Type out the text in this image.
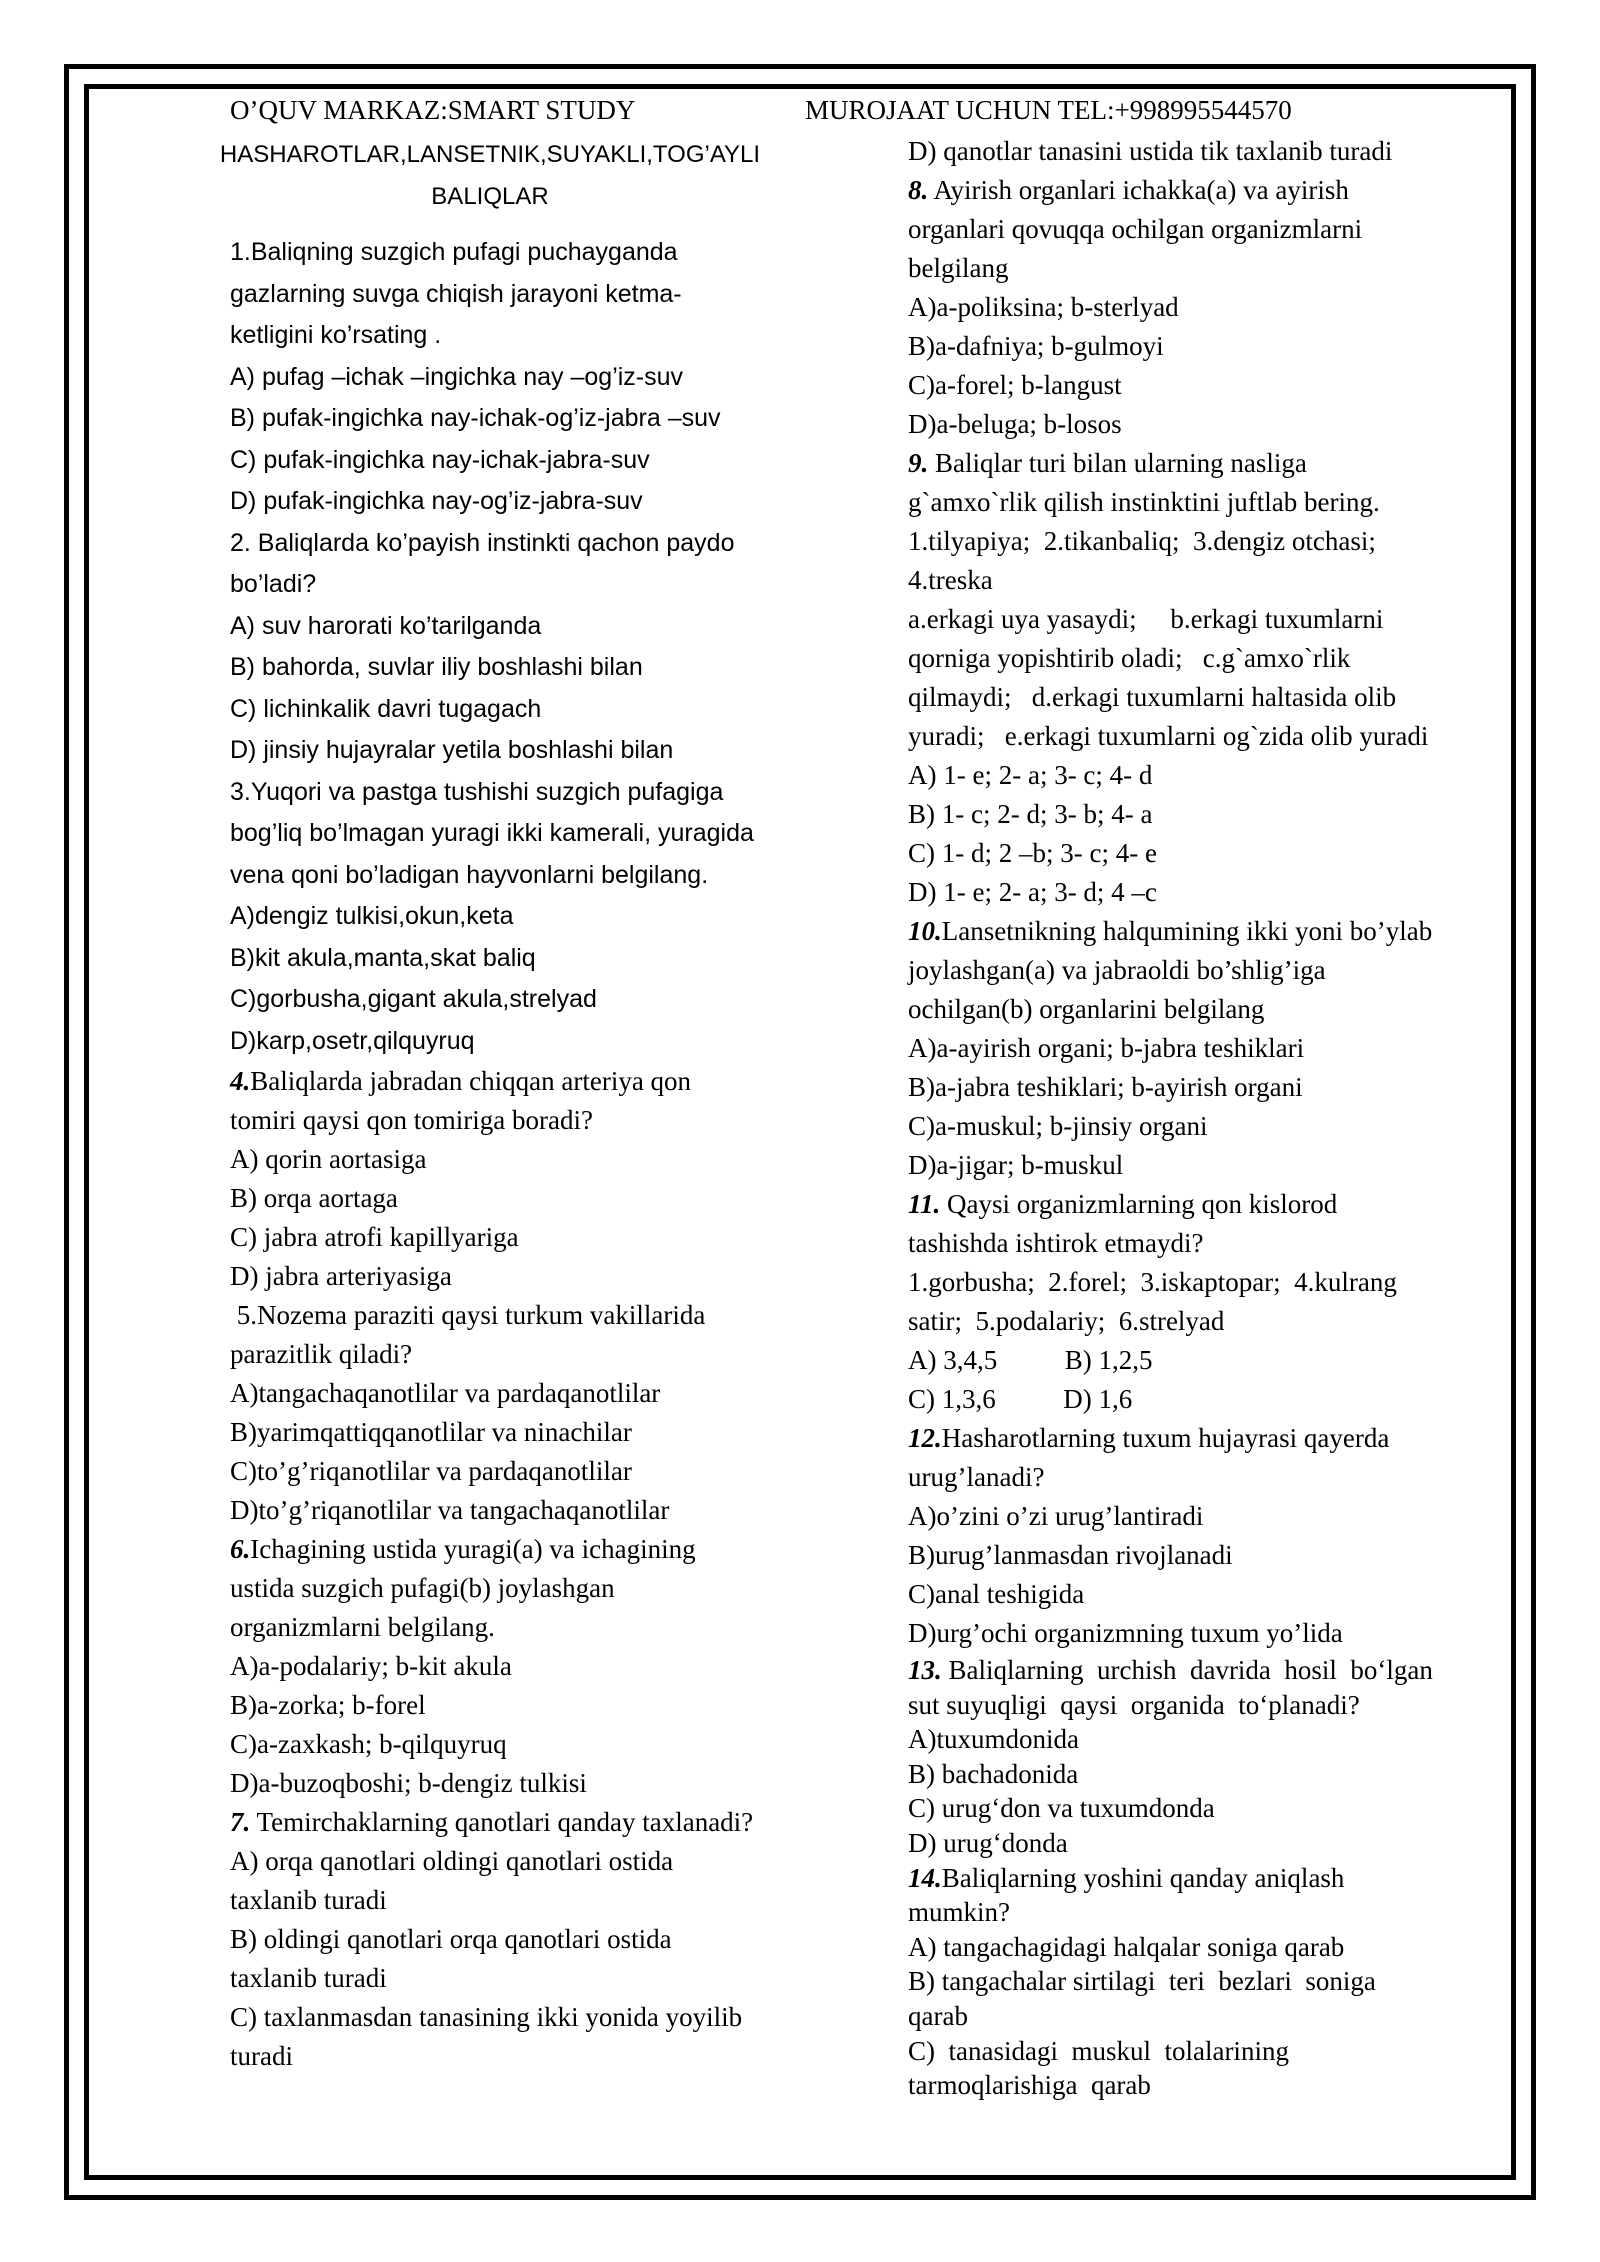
O’QUV MARKAZ:SMART STUDY	MUROJAAT UCHUN TEL:+998995544570
HASHAROTLAR,LANSETNIK,SUYAKLI,TOG’AYLI
BALIQLAR
1.Baliqning suzgich pufagi puchayganda
gazlarning suvga chiqish jarayoni ketma-
ketligini ko’rsating .
A) pufag –ichak –ingichka nay –og’iz-suv
B) pufak-ingichka nay-ichak-og’iz-jabra –suv
C) pufak-ingichka nay-ichak-jabra-suv
D) pufak-ingichka nay-og’iz-jabra-suv
2. Baliqlarda ko’payish instinkti qachon paydo
bo’ladi?
A) suv harorati ko’tarilganda
B) bahorda, suvlar iliy boshlashi bilan
C) lichinkalik davri tugagach
D) jinsiy hujayralar yetila boshlashi bilan
3.Yuqori va pastga tushishi suzgich pufagiga
bog’liq bo’lmagan yuragi ikki kamerali, yuragida
vena qoni bo’ladigan hayvonlarni belgilang.
A)dengiz tulkisi,okun,keta
B)kit akula,manta,skat baliq
C)gorbusha,gigant akula,strelyad
D)karp,osetr,qilquyruq
4.Baliqlarda jabradan chiqqan arteriya qon
tomiri qaysi qon tomiriga boradi?
A) qorin aortasiga
B) orqa aortaga
C) jabra atrofi kapillyariga
D) jabra arteriyasiga
5.Nozema paraziti qaysi turkum vakillarida
parazitlik qiladi?
A)tangachaqanotlilar va pardaqanotlilar
B)yarimqattiqqanotlilar va ninachilar
C)to’g’riqanotlilar va pardaqanotlilar
D)to’g’riqanotlilar va tangachaqanotlilar
6.Ichagining ustida yuragi(a) va ichagining
ustida suzgich pufagi(b) joylashgan
organizmlarni belgilang.
A)a-podalariy; b-kit akula
B)a-zorka; b-forel
C)a-zaxkash; b-qilquyruq
D)a-buzoqboshi; b-dengiz tulkisi
7. Temirchaklarning qanotlari qanday taxlanadi?
A) orqa qanotlari oldingi qanotlari ostida
taxlanib turadi
B) oldingi qanotlari orqa qanotlari ostida
taxlanib turadi
C) taxlanmasdan tanasining ikki yonida yoyilib
turadi
D) qanotlar tanasini ustida tik taxlanib turadi
8. Ayirish organlari ichakka(a) va ayirish
organlari qovuqqa ochilgan organizmlarni
belgilang
A)a-poliksina; b-sterlyad
B)a-dafniya; b-gulmoyi
C)a-forel; b-langust
D)a-beluga; b-losos
9. Baliqlar turi bilan ularning nasliga
g`amxo`rlik qilish instinktini juftlab bering.
1.tilyapiya;  2.tikanbaliq;  3.dengiz otchasi;
4.treska
a.erkagi uya yasaydi;     b.erkagi tuxumlarni
qorniga yopishtirib oladi;   c.g`amxo`rlik
qilmaydi;   d.erkagi tuxumlarni haltasida olib
yuradi;   e.erkagi tuxumlarni og`zida olib yuradi
A) 1- e; 2- a; 3- c; 4- d
B) 1- c; 2- d; 3- b; 4- a
C) 1- d; 2 –b; 3- c; 4- e
D) 1- e; 2- a; 3- d; 4 –c
10.Lansetnikning halqumining ikki yoni bo’ylab
joylashgan(a) va jabraoldi bo’shlig’iga
ochilgan(b) organlarini belgilang
A)a-ayirish organi; b-jabra teshiklari
B)a-jabra teshiklari; b-ayirish organi
C)a-muskul; b-jinsiy organi
D)a-jigar; b-muskul
11. Qaysi organizmlarning qon kislorod
tashishda ishtirok etmaydi?
1.gorbusha;  2.forel;  3.iskaptopar;  4.kulrang
satir;  5.podalariy;  6.strelyad
A) 3,4,5          B) 1,2,5
C) 1,3,6          D) 1,6
12.Hasharotlarning tuxum hujayrasi qayerda
urug’lanadi?
A)o’zini o’zi urug’lantiradi
B)urug’lanmasdan rivojlanadi
C)anal teshigida
D)urg’ochi organizmning tuxum yo’lida
13. Baliqlarning  urchish  davrida  hosil  bo‘lgan
sut suyuqligi  qaysi  organida  to‘planadi?
A)tuxumdonida
B) bachadonida
C) urug‘don va tuxumdonda
D) urug‘donda
14.Baliqlarning yoshini qanday aniqlash
mumkin?
A) tangachagidagi halqalar soniga qarab
B) tangachalar sirtilagi  teri  bezlari  soniga
qarab
C)  tanasidagi  muskul  tolalarining
tarmoqlarishiga  qarab
